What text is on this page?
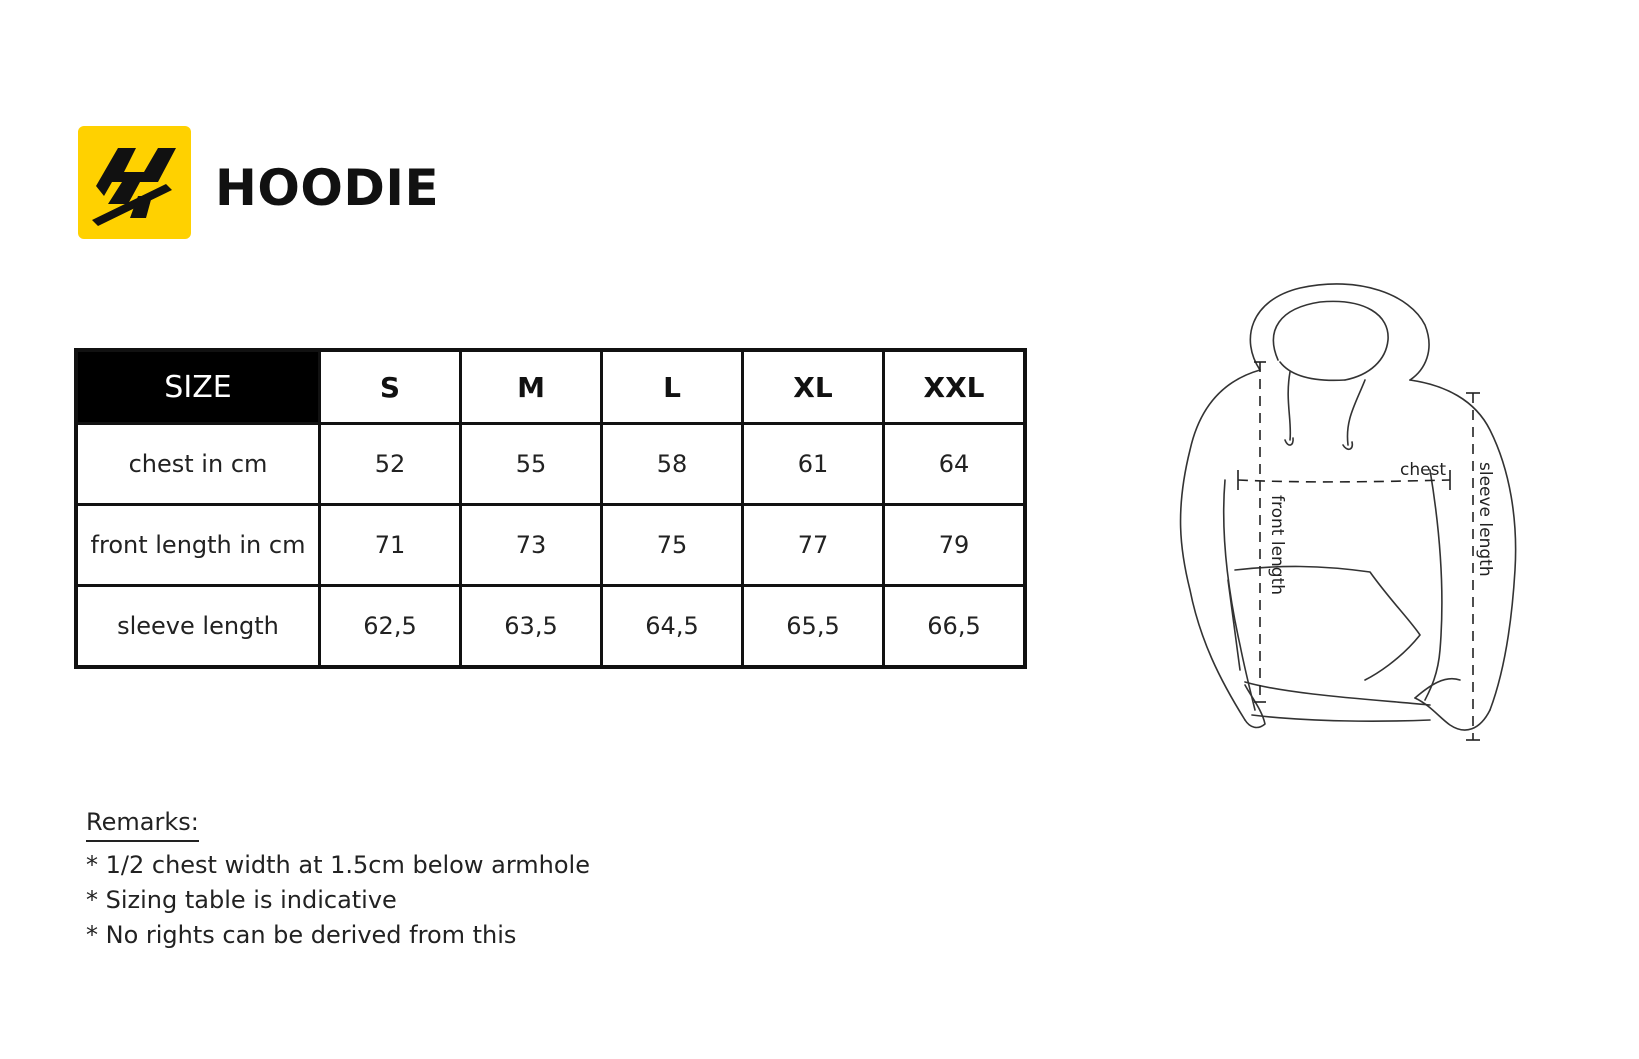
HOODIE
SIZE	S	M	L	XL	XXL
chest in cm	52	55	58	61	64
front length in cm	71	73	75	77	79
sleeve length	62,5	63,5	64,5	65,5	66,5
Remarks:
* 1/2 chest width at 1.5cm below armhole
* Sizing table is indicative
* No rights can be derived from this
chest
front length	sleeve length
